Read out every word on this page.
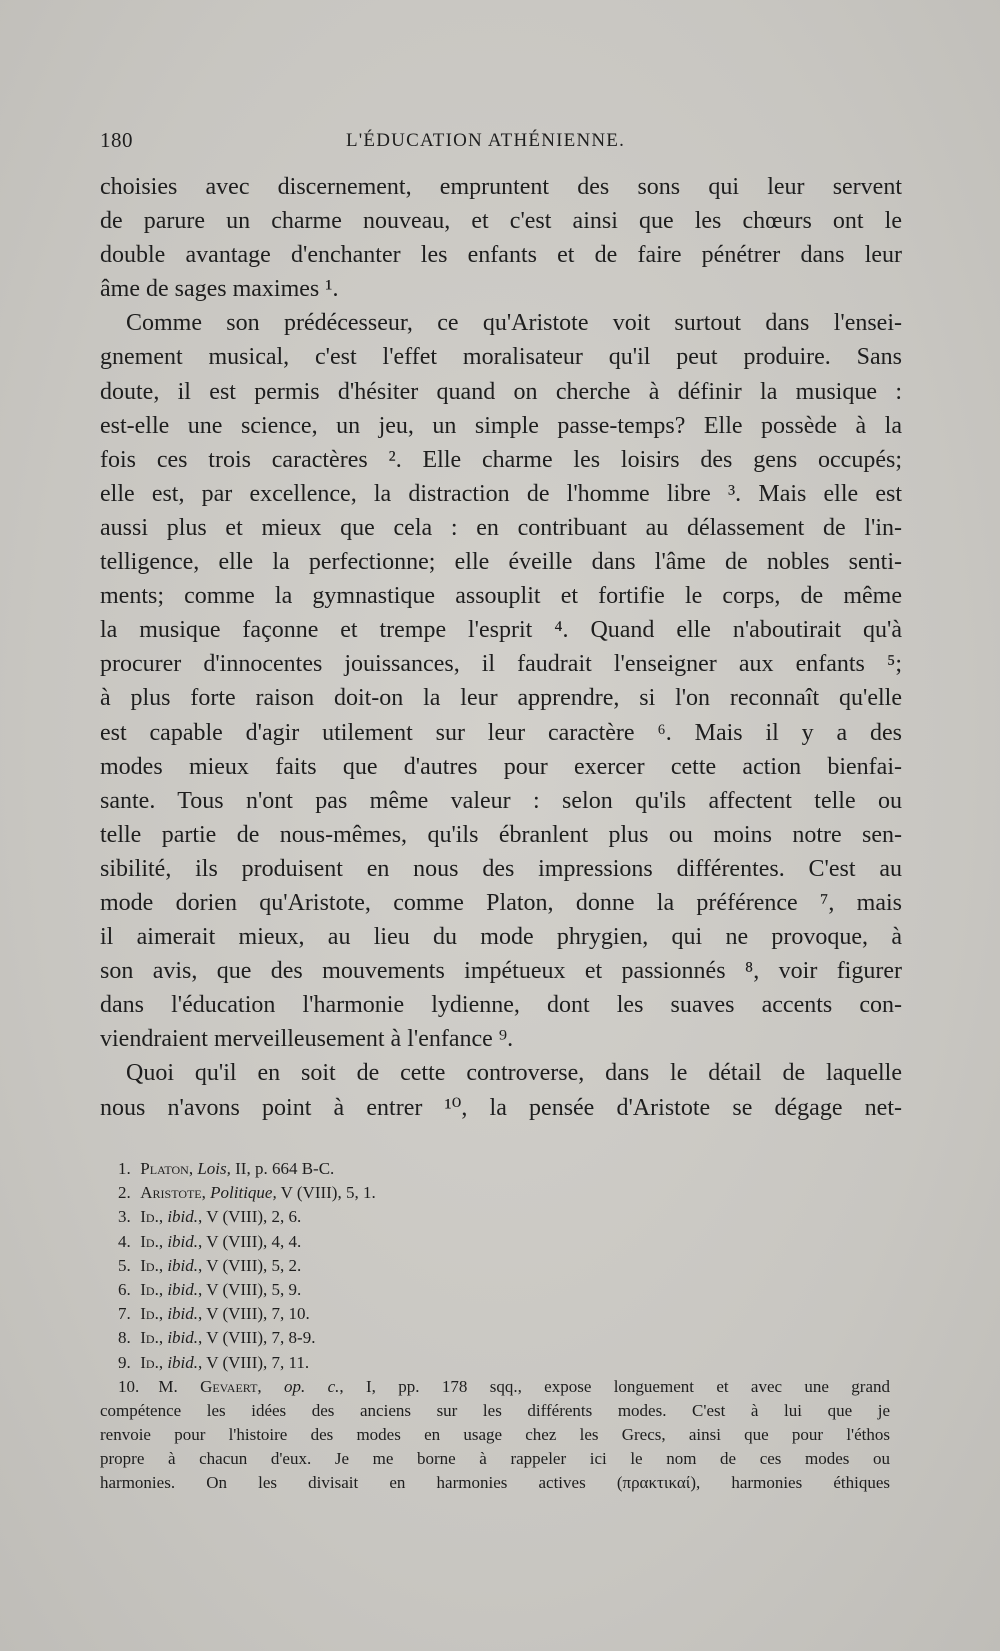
180	L'ÉDUCATION ATHÉNIENNE.
choisies avec discernement, empruntent des sons qui leur servent
de parure un charme nouveau, et c'est ainsi que les chœurs ont le
double avantage d'enchanter les enfants et de faire pénétrer dans leur
âme de sages maximes ¹.
Comme son prédécesseur, ce qu'Aristote voit surtout dans l'ensei-
gnement musical, c'est l'effet moralisateur qu'il peut produire. Sans
doute, il est permis d'hésiter quand on cherche à définir la musique :
est-elle une science, un jeu, un simple passe-temps? Elle possède à la
fois ces trois caractères ². Elle charme les loisirs des gens occupés;
elle est, par excellence, la distraction de l'homme libre ³. Mais elle est
aussi plus et mieux que cela : en contribuant au délassement de l'in-
telligence, elle la perfectionne; elle éveille dans l'âme de nobles senti-
ments; comme la gymnastique assouplit et fortifie le corps, de même
la musique façonne et trempe l'esprit ⁴. Quand elle n'aboutirait qu'à
procurer d'innocentes jouissances, il faudrait l'enseigner aux enfants ⁵;
à plus forte raison doit-on la leur apprendre, si l'on reconnaît qu'elle
est capable d'agir utilement sur leur caractère ⁶. Mais il y a des
modes mieux faits que d'autres pour exercer cette action bienfai-
sante. Tous n'ont pas même valeur : selon qu'ils affectent telle ou
telle partie de nous-mêmes, qu'ils ébranlent plus ou moins notre sen-
sibilité, ils produisent en nous des impressions différentes. C'est au
mode dorien qu'Aristote, comme Platon, donne la préférence ⁷, mais
il aimerait mieux, au lieu du mode phrygien, qui ne provoque, à
son avis, que des mouvements impétueux et passionnés ⁸, voir figurer
dans l'éducation l'harmonie lydienne, dont les suaves accents con-
viendraient merveilleusement à l'enfance ⁹.
Quoi qu'il en soit de cette controverse, dans le détail de laquelle
nous n'avons point à entrer ¹⁰, la pensée d'Aristote se dégage net-
1. Platon, Lois, II, p. 664 B-C.
2. Aristote, Politique, V (VIII), 5, 1.
3. Id., ibid., V (VIII), 2, 6.
4. Id., ibid., V (VIII), 4, 4.
5. Id., ibid., V (VIII), 5, 2.
6. Id., ibid., V (VIII), 5, 9.
7. Id., ibid., V (VIII), 7, 10.
8. Id., ibid., V (VIII), 7, 8-9.
9. Id., ibid., V (VIII), 7, 11.
10. M. Gevaert, op. c., I, pp. 178 sqq., expose longuement et avec une grand
compétence les idées des anciens sur les différents modes. C'est à lui que je
renvoie pour l'histoire des modes en usage chez les Grecs, ainsi que pour l'éthos
propre à chacun d'eux. Je me borne à rappeler ici le nom de ces modes ou
harmonies. On les divisait en harmonies actives (πρακτικαί), harmonies éthiques
